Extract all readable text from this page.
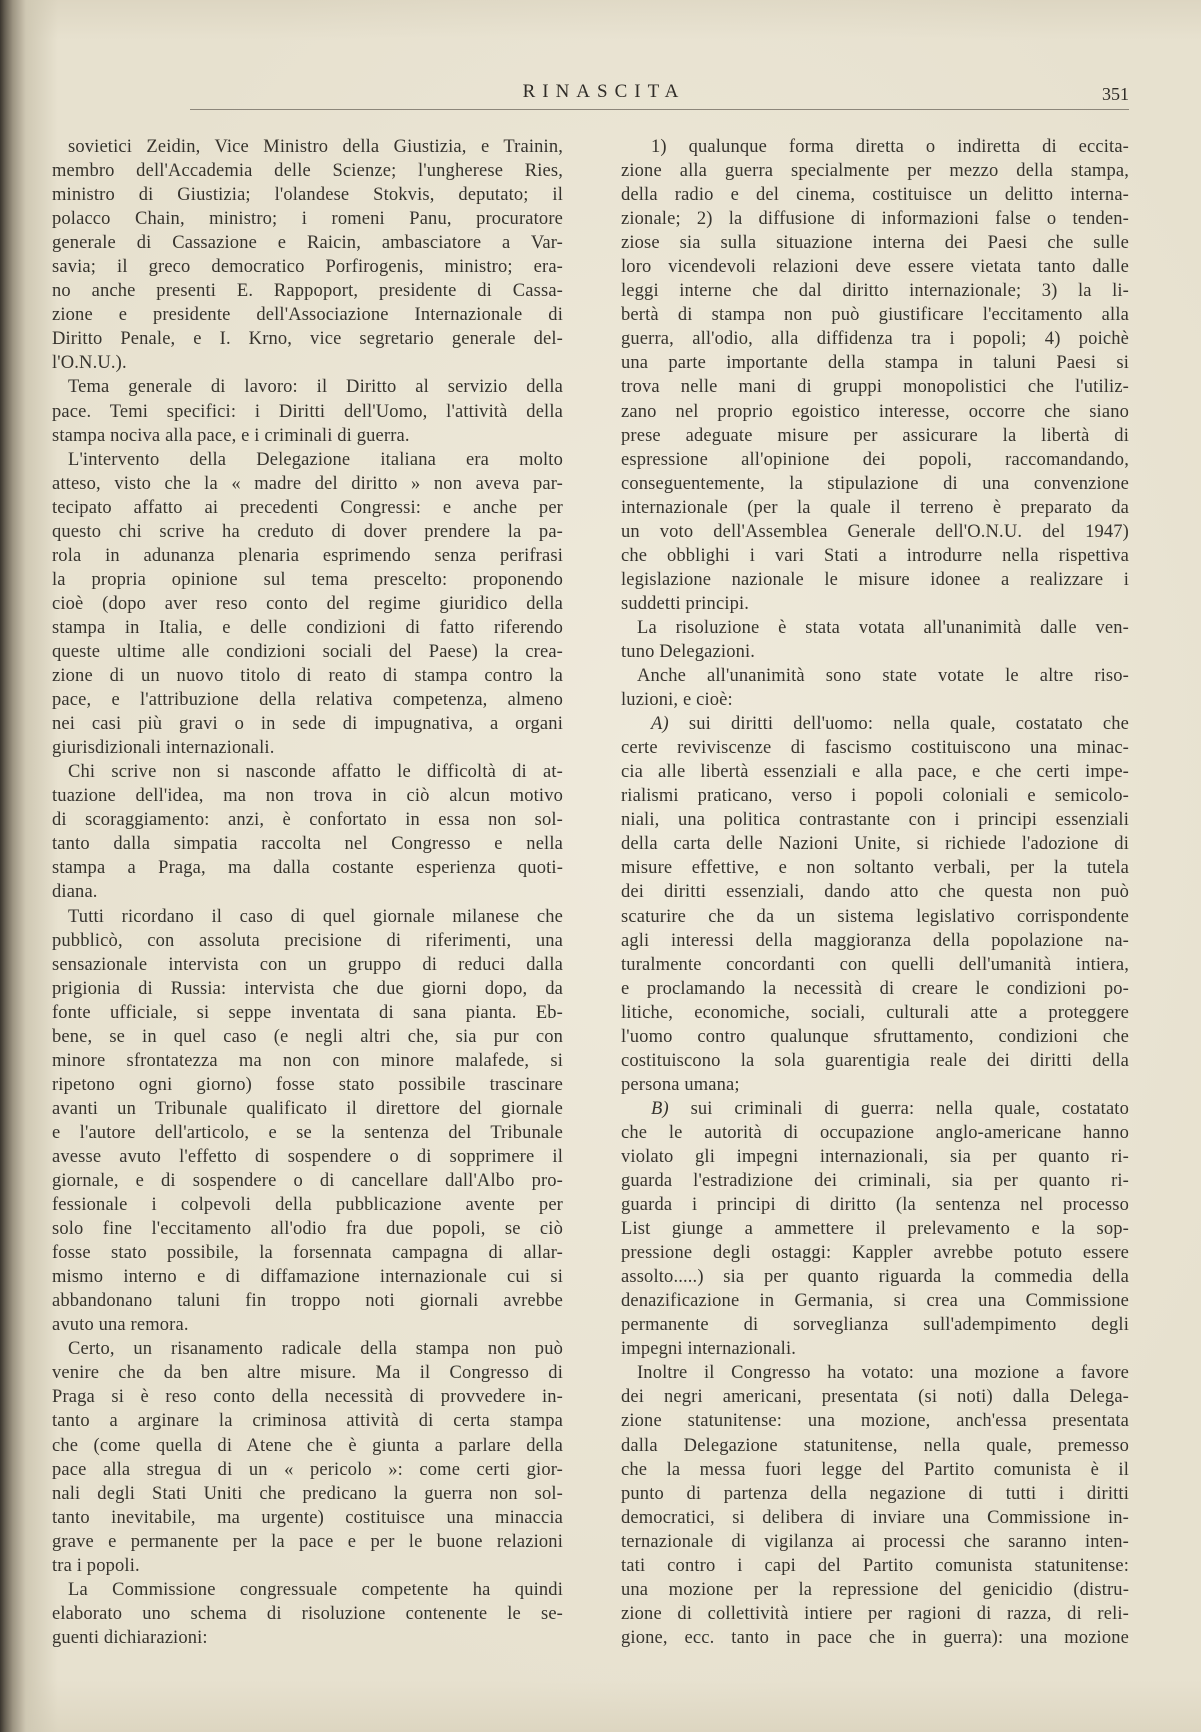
RINASCITA	351
sovietici Zeidin, Vice Ministro della Giustizia, e Trainin,
membro dell'Accademia delle Scienze; l'ungherese Ries,
ministro di Giustizia; l'olandese Stokvis, deputato; il
polacco Chain, ministro; i romeni Panu, procuratore
generale di Cassazione e Raicin, ambasciatore a Var-
savia; il greco democratico Porfirogenis, ministro; era-
no anche presenti E. Rappoport, presidente di Cassa-
zione e presidente dell'Associazione Internazionale di
Diritto Penale, e I. Krno, vice segretario generale del-
l'O.N.U.).
Tema generale di lavoro: il Diritto al servizio della
pace. Temi specifici: i Diritti dell'Uomo, l'attività della
stampa nociva alla pace, e i criminali di guerra.
L'intervento della Delegazione italiana era molto
atteso, visto che la « madre del diritto » non aveva par-
tecipato affatto ai precedenti Congressi: e anche per
questo chi scrive ha creduto di dover prendere la pa-
rola in adunanza plenaria esprimendo senza perifrasi
la propria opinione sul tema prescelto: proponendo
cioè (dopo aver reso conto del regime giuridico della
stampa in Italia, e delle condizioni di fatto riferendo
queste ultime alle condizioni sociali del Paese) la crea-
zione di un nuovo titolo di reato di stampa contro la
pace, e l'attribuzione della relativa competenza, almeno
nei casi più gravi o in sede di impugnativa, a organi
giurisdizionali internazionali.
Chi scrive non si nasconde affatto le difficoltà di at-
tuazione dell'idea, ma non trova in ciò alcun motivo
di scoraggiamento: anzi, è confortato in essa non sol-
tanto dalla simpatia raccolta nel Congresso e nella
stampa a Praga, ma dalla costante esperienza quoti-
diana.
Tutti ricordano il caso di quel giornale milanese che
pubblicò, con assoluta precisione di riferimenti, una
sensazionale intervista con un gruppo di reduci dalla
prigionia di Russia: intervista che due giorni dopo, da
fonte ufficiale, si seppe inventata di sana pianta. Eb-
bene, se in quel caso (e negli altri che, sia pur con
minore sfrontatezza ma non con minore malafede, si
ripetono ogni giorno) fosse stato possibile trascinare
avanti un Tribunale qualificato il direttore del giornale
e l'autore dell'articolo, e se la sentenza del Tribunale
avesse avuto l'effetto di sospendere o di sopprimere il
giornale, e di sospendere o di cancellare dall'Albo pro-
fessionale i colpevoli della pubblicazione avente per
solo fine l'eccitamento all'odio fra due popoli, se ciò
fosse stato possibile, la forsennata campagna di allar-
mismo interno e di diffamazione internazionale cui si
abbandonano taluni fin troppo noti giornali avrebbe
avuto una remora.
Certo, un risanamento radicale della stampa non può
venire che da ben altre misure. Ma il Congresso di
Praga si è reso conto della necessità di provvedere in-
tanto a arginare la criminosa attività di certa stampa
che (come quella di Atene che è giunta a parlare della
pace alla stregua di un « pericolo »: come certi gior-
nali degli Stati Uniti che predicano la guerra non sol-
tanto inevitabile, ma urgente) costituisce una minaccia
grave e permanente per la pace e per le buone relazioni
tra i popoli.
La Commissione congressuale competente ha quindi
elaborato uno schema di risoluzione contenente le se-
guenti dichiarazioni:
1) qualunque forma diretta o indiretta di eccita-
zione alla guerra specialmente per mezzo della stampa,
della radio e del cinema, costituisce un delitto interna-
zionale; 2) la diffusione di informazioni false o tenden-
ziose sia sulla situazione interna dei Paesi che sulle
loro vicendevoli relazioni deve essere vietata tanto dalle
leggi interne che dal diritto internazionale; 3) la li-
bertà di stampa non può giustificare l'eccitamento alla
guerra, all'odio, alla diffidenza tra i popoli; 4) poichè
una parte importante della stampa in taluni Paesi si
trova nelle mani di gruppi monopolistici che l'utiliz-
zano nel proprio egoistico interesse, occorre che siano
prese adeguate misure per assicurare la libertà di
espressione all'opinione dei popoli, raccomandando,
conseguentemente, la stipulazione di una convenzione
internazionale (per la quale il terreno è preparato da
un voto dell'Assemblea Generale dell'O.N.U. del 1947)
che obblighi i vari Stati a introdurre nella rispettiva
legislazione nazionale le misure idonee a realizzare i
suddetti principi.
La risoluzione è stata votata all'unanimità dalle ven-
tuno Delegazioni.
Anche all'unanimità sono state votate le altre riso-
luzioni, e cioè:
A) sui diritti dell'uomo: nella quale, costatato che
certe reviviscenze di fascismo costituiscono una minac-
cia alle libertà essenziali e alla pace, e che certi impe-
rialismi praticano, verso i popoli coloniali e semicolo-
niali, una politica contrastante con i principi essenziali
della carta delle Nazioni Unite, si richiede l'adozione di
misure effettive, e non soltanto verbali, per la tutela
dei diritti essenziali, dando atto che questa non può
scaturire che da un sistema legislativo corrispondente
agli interessi della maggioranza della popolazione na-
turalmente concordanti con quelli dell'umanità intiera,
e proclamando la necessità di creare le condizioni po-
litiche, economiche, sociali, culturali atte a proteggere
l'uomo contro qualunque sfruttamento, condizioni che
costituiscono la sola guarentigia reale dei diritti della
persona umana;
B) sui criminali di guerra: nella quale, costatato
che le autorità di occupazione anglo-americane hanno
violato gli impegni internazionali, sia per quanto ri-
guarda l'estradizione dei criminali, sia per quanto ri-
guarda i principi di diritto (la sentenza nel processo
List giunge a ammettere il prelevamento e la sop-
pressione degli ostaggi: Kappler avrebbe potuto essere
assolto.....) sia per quanto riguarda la commedia della
denazificazione in Germania, si crea una Commissione
permanente di sorveglianza sull'adempimento degli
impegni internazionali.
Inoltre il Congresso ha votato: una mozione a favore
dei negri americani, presentata (si noti) dalla Delega-
zione statunitense: una mozione, anch'essa presentata
dalla Delegazione statunitense, nella quale, premesso
che la messa fuori legge del Partito comunista è il
punto di partenza della negazione di tutti i diritti
democratici, si delibera di inviare una Commissione in-
ternazionale di vigilanza ai processi che saranno inten-
tati contro i capi del Partito comunista statunitense:
una mozione per la repressione del genicidio (distru-
zione di collettività intiere per ragioni di razza, di reli-
gione, ecc. tanto in pace che in guerra): una mozione
